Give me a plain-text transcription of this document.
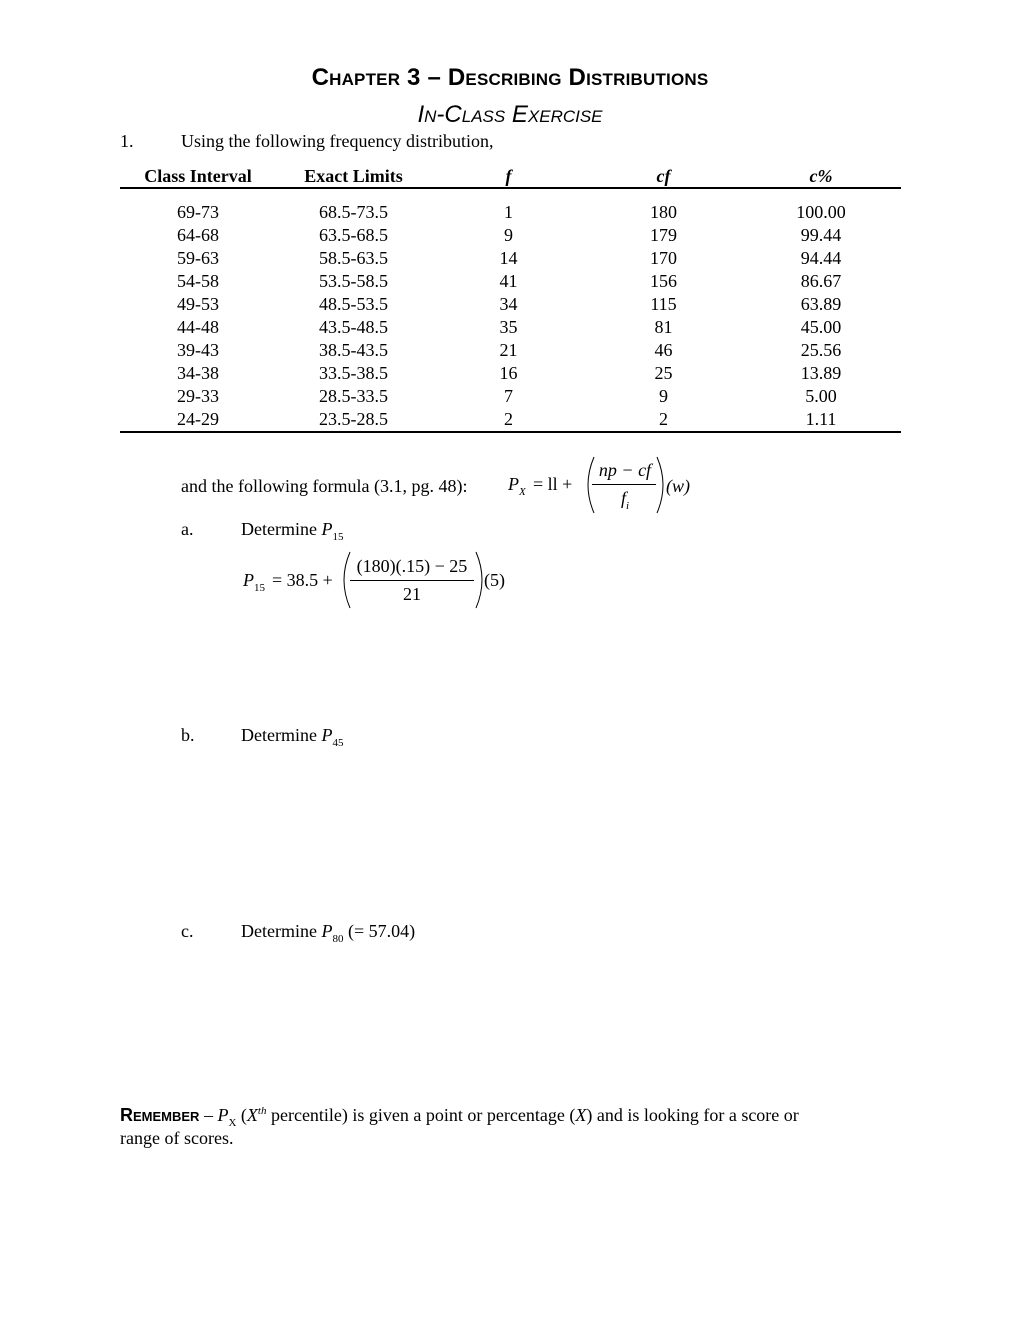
Chapter 3 – Describing Distributions
In-Class Exercise
1.	Using the following frequency distribution,
Class Interval	Exact Limits	f	cf	c%

69-73	68.5-73.5	1	180	100.00
64-68	63.5-68.5	9	179	99.44
59-63	58.5-63.5	14	170	94.44
54-58	53.5-58.5	41	156	86.67
49-53	48.5-53.5	34	115	63.89
44-48	43.5-48.5	35	81	45.00
39-43	38.5-43.5	21	46	25.56
34-38	33.5-38.5	16	25	13.89
29-33	28.5-33.5	7	9	5.00
24-29	23.5-28.5	2	2	1.11
and the following formula (3.1, pg. 48): $P_X$ = ll +
np − cf
$f_i$
(w)
a.	Determine $P_{15}$
$P_{15} = 38.5$ +
(180)(.15) − 25
21
(5)
b.	Determine $P_{45}$
c.	Determine $P_{80}$ (= 57.04)
Remember – $P_X$ (Xth percentile) is given a point or percentage (X) and is looking for a score or
range of scores.
